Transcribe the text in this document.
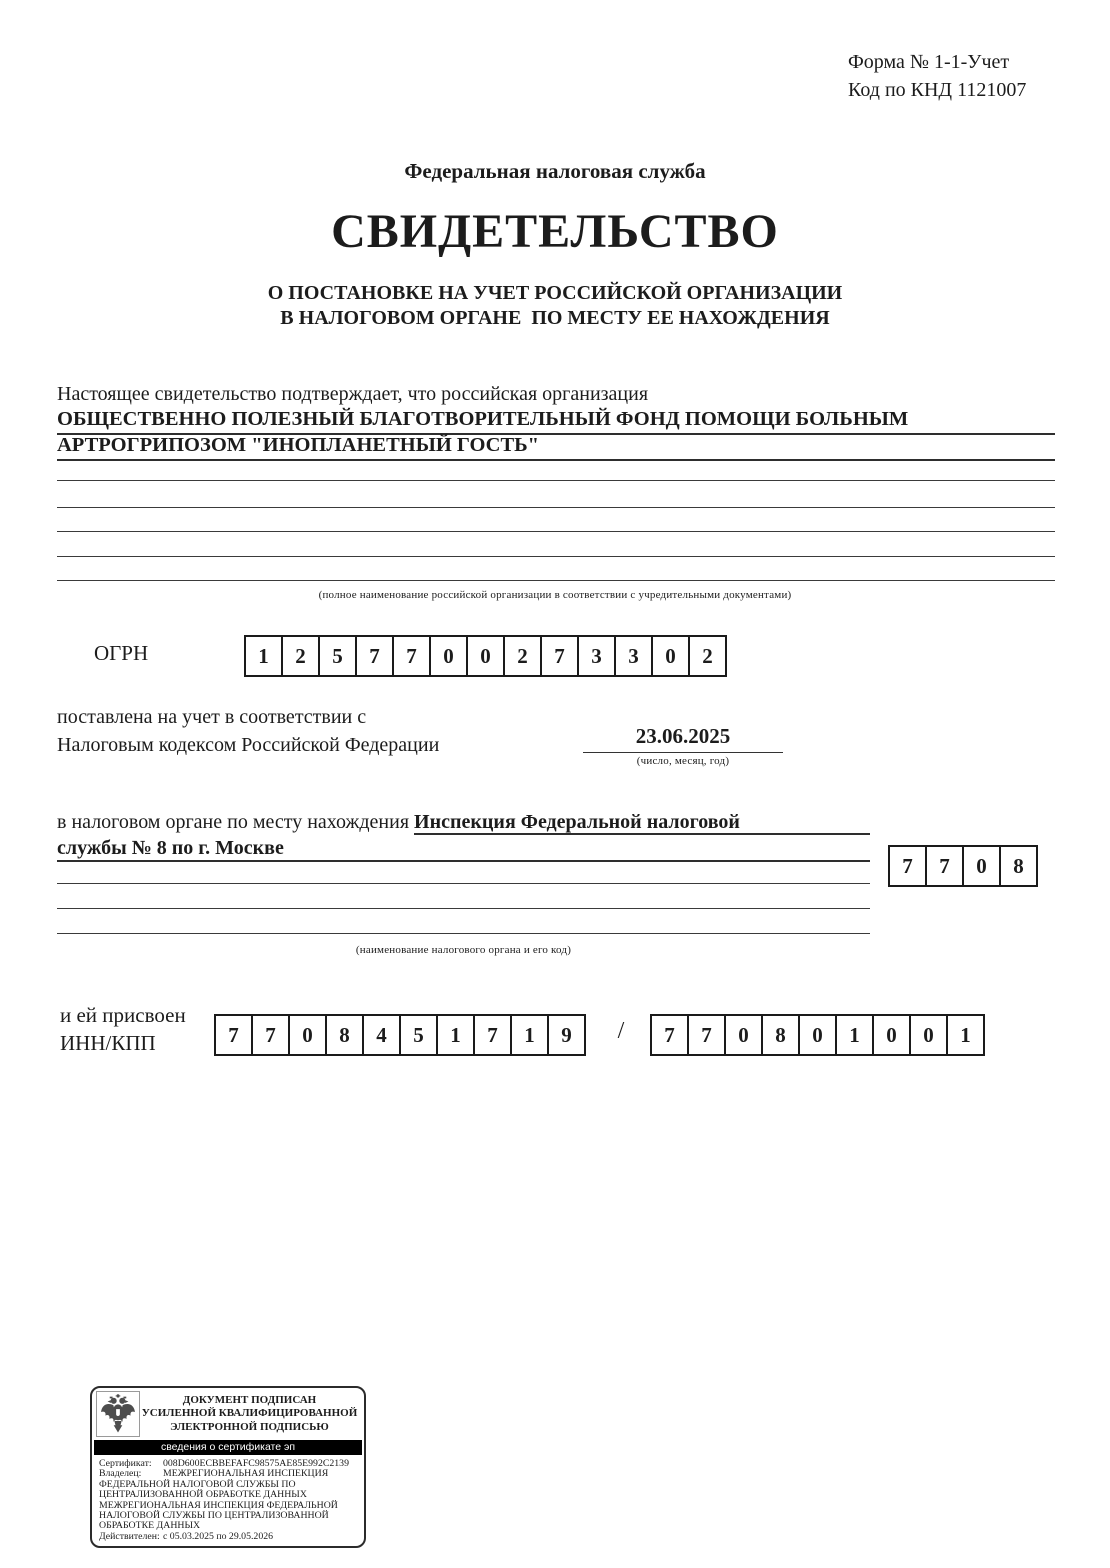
Форма № 1-1-Учет
Код по КНД 1121007
Федеральная налоговая служба
СВИДЕТЕЛЬСТВО
О ПОСТАНОВКЕ НА УЧЕТ РОССИЙСКОЙ ОРГАНИЗАЦИИ
В НАЛОГОВОМ ОРГАНЕ  ПО МЕСТУ ЕЕ НАХОЖДЕНИЯ
Настоящее свидетельство подтверждает, что российская организация
ОБЩЕСТВЕННО ПОЛЕЗНЫЙ БЛАГОТВОРИТЕЛЬНЫЙ ФОНД ПОМОЩИ БОЛЬНЫМ
АРТРОГРИПОЗОМ "ИНОПЛАНЕТНЫЙ ГОСТЬ"
(полное наименование российской организации в соответствии с учредительными документами)
ОГРН	1	2	5	7	7	0	0	2	7	3	3	0	2
поставлена на учет в соответствии с
Налоговым кодексом Российской Федерации	23.06.2025
(число, месяц, год)
в налоговом органе по месту нахождения Инспекция Федеральной налоговой
службы № 8 по г. Москве
(наименование налогового органа и его код)
7	7	0	8
и ей присвоен
ИНН/КПП	7	7	0	8	4	5	1	7	1	9	/	7	7	0	8	0	1	0	0	1
ДОКУМЕНТ ПОДПИСАН
УСИЛЕННОЙ КВАЛИФИЦИРОВАННОЙ
ЭЛЕКТРОННОЙ ПОДПИСЬЮ
сведения о сертификате эп
Сертификат:	008D600ECBBEFAFC98575AE85E992C2139
Владелец:	МЕЖРЕГИОНАЛЬНАЯ ИНСПЕКЦИЯ
ФЕДЕРАЛЬНОЙ НАЛОГОВОЙ СЛУЖБЫ ПО
ЦЕНТРАЛИЗОВАННОЙ ОБРАБОТКЕ ДАННЫХ
МЕЖРЕГИОНАЛЬНАЯ ИНСПЕКЦИЯ ФЕДЕРАЛЬНОЙ
НАЛОГОВОЙ СЛУЖБЫ ПО ЦЕНТРАЛИЗОВАННОЙ
ОБРАБОТКЕ ДАННЫХ
Действителен: с 05.03.2025 по 29.05.2026
